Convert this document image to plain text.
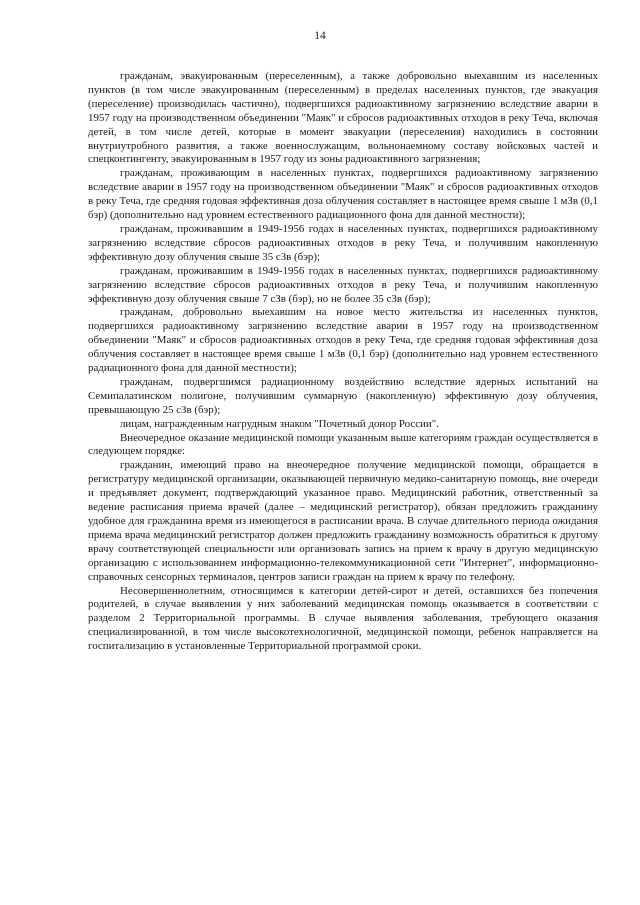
14

гражданам, эвакуированным (переселенным), а также добровольно выехавшим из населенных пунктов (в том числе эвакуированным (переселенным) в пределах населенных пунктов, где эвакуация (переселение) производилась частично), подвергшихся радиоактивному загрязнению вследствие аварии в 1957 году на производственном объединении "Маяк" и сбросов радиоактивных отходов в реку Теча, включая детей, в том числе детей, которые в момент эвакуации (переселения) находились в состоянии внутриутробного развития, а также военнослужащим, вольнонаемному составу войсковых частей и спецконтингенту, эвакуированным в 1957 году из зоны радиоактивного загрязнения;

гражданам, проживающим в населенных пунктах, подвергшихся радиоактивному загрязнению вследствие аварии в 1957 году на производственном объединении "Маяк" и сбросов радиоактивных отходов в реку Теча, где средняя годовая эффективная доза облучения составляет в настоящее время свыше 1 мЗв (0,1 бэр) (дополнительно над уровнем естественного радиационного фона для данной местности);

гражданам, проживавшим в 1949-1956 годах в населенных пунктах, подвергшихся радиоактивному загрязнению вследствие сбросов радиоактивных отходов в реку Теча, и получившим накопленную эффективную дозу облучения свыше 35 сЗв (бэр);

гражданам, проживавшим в 1949-1956 годах в населенных пунктах, подвергшихся радиоактивному загрязнению вследствие сбросов радиоактивных отходов в реку Теча, и получившим накопленную эффективную дозу облучения свыше 7 сЗв (бэр), но не более 35 сЗв (бэр);

гражданам, добровольно выехавшим на новое место жительства из населенных пунктов, подвергшихся радиоактивному загрязнению вследствие аварии в 1957 году на производственном объединении "Маяк" и сбросов радиоактивных отходов в реку Теча, где средняя годовая эффективная доза облучения составляет в настоящее время свыше 1 мЗв (0,1 бэр) (дополнительно над уровнем естественного радиационного фона для данной местности);

гражданам, подвергшимся радиационному воздействию вследствие ядерных испытаний на Семипалатинском полигоне, получившим суммарную (накопленную) эффективную дозу облучения, превышающую 25 сЗв (бэр);

лицам, награжденным нагрудным знаком "Почетный донор России".

Внеочередное оказание медицинской помощи указанным выше категориям граждан осуществляется в следующем порядке:

гражданин, имеющий право на внеочередное получение медицинской помощи, обращается в регистратуру медицинской организации, оказывающей первичную медико-санитарную помощь, вне очереди и предъявляет документ, подтверждающий указанное право. Медицинский работник, ответственный за ведение расписания приема врачей (далее – медицинский регистратор), обязан предложить гражданину удобное для гражданина время из имеющегося в расписании врача. В случае длительного периода ожидания приема врача медицинский регистратор должен предложить гражданину возможность обратиться к другому врачу соответствующей специальности или организовать запись на прием к врачу в другую медицинскую организацию с использованием информационно-телекоммуникационной сети "Интернет", информационно-справочных сенсорных терминалов, центров записи граждан на прием к врачу по телефону.

Несовершеннолетним, относящимся к категории детей-сирот и детей, оставшихся без попечения родителей, в случае выявления у них заболеваний медицинская помощь оказывается в соответствии с разделом 2 Территориальной программы. В случае выявления заболевания, требующего оказания специализированной, в том числе высокотехнологичной, медицинской помощи, ребенок направляется на госпитализацию в установленные Территориальной программой сроки.
